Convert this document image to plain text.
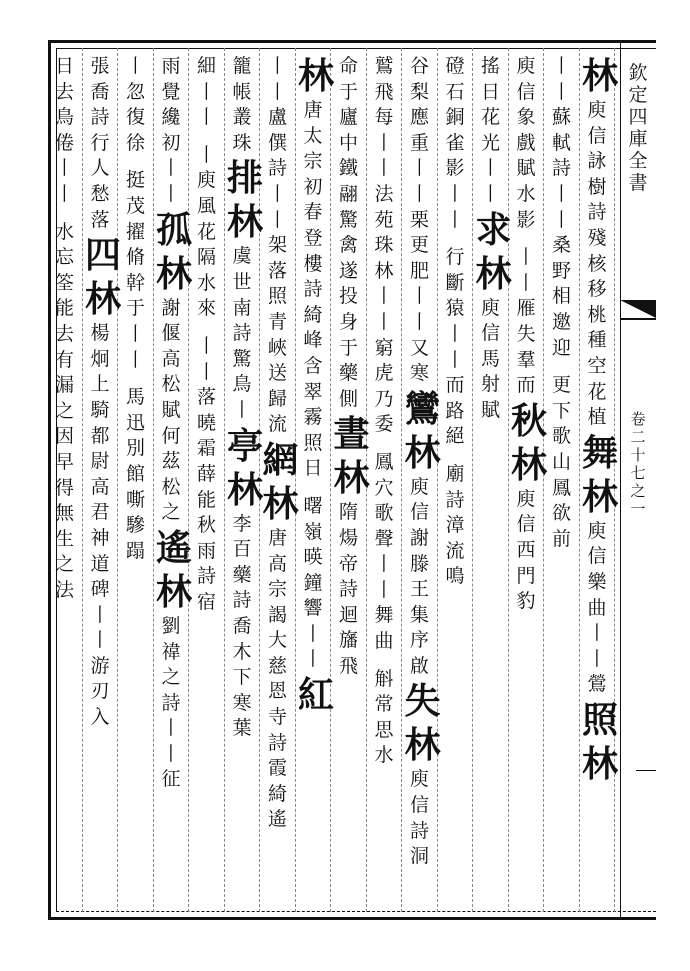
欽定四庫全書
卷二十七之一
林
庾
信
詠
樹
詩
殘
核
移
桃
種
空
花
植
舞
林
庾
信
樂
曲
丨
丨
鶯
照
林
丨
丨
蘇
軾
詩
丨
丨
桑
野
相
邀
迎
更
下
歌
山
鳳
欲
前
庾
信
象
戲
賦
水
影
丨
丨
雁
失
羣
而
秋
林
庾
信
西
門
豹
搖
日
花
光
丨
丨
求
林
庾
信
馬
射
賦
磴
石
銅
雀
影
丨
丨
行
斷
猿
丨
丨
而
路
絕
廟
詩
漳
流
鳴
谷
梨
應
重
丨
丨
栗
更
肥
丨
丨
又
寒
鸞
林
庾
信
謝
滕
王
集
序
啟
失
林
庾
信
詩
洞
鷲
飛
每
丨
丨
法
苑
珠
林
丨
丨
窮
虎
乃
委
鳳
穴
歌
聲
丨
丨
舞
曲
斛
常
思
水
命
于
廬
中
鐵
翮
驚
禽
遂
投
身
于
藥
側
晝
林
隋
煬
帝
詩
迴
旛
飛
林
唐
太
宗
初
春
登
樓
詩
綺
峰
含
翠
霧
照
日
曙
嶺
暎
鐘
響
丨
丨
紅
丨
丨
盧
僎
詩
丨
丨
架
落
照
青
峽
送
歸
流
網
林
唐
高
宗
謁
大
慈
恩
寺
詩
霞
綺
遙
籠
帳
叢
珠
排
林
虞
世
南
詩
驚
鳥
丨
亭
林
李
百
藥
詩
喬
木
下
寒
葉
細
丨
丨
丨
庾
風
花
隔
水
來
丨
丨
落
曉
霜
薛
能
秋
雨
詩
宿
雨
覺
纔
初
丨
丨
孤
林
謝
偃
高
松
賦
何
茲
松
之
遙
林
劉
禕
之
詩
丨
丨
征
丨
忽
復
徐
挺
茂
擢
脩
幹
于
丨
丨
馬
迅
別
館
嘶
驂
蹋
張
喬
詩
行
人
愁
落
四
林
楊
炯
上
騎
都
尉
高
君
神
道
碑
丨
丨
游
刃
入
日
去
鳥
倦
丨
丨
水
忘
筌
能
去
有
漏
之
因
早
得
無
生
之
法
